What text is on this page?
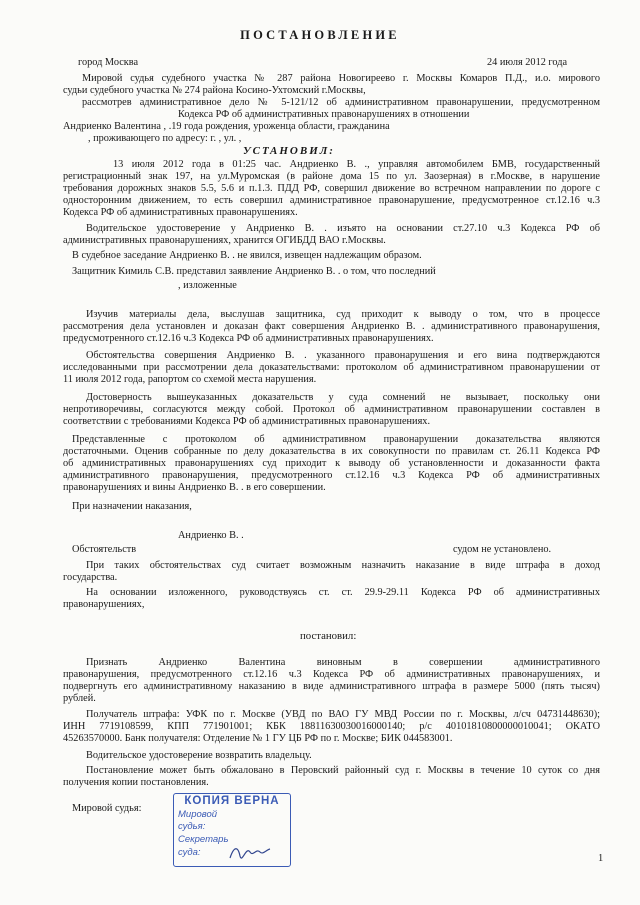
ПОСТАНОВЛЕНИЕ
город Москва	24 июля 2012 года
Мировой судья судебного участка № 287 района Новогиреево г. Москвы Комаров П.Д., и.о. мирового
судьи судебного участка № 274 района Косино-Ухтомский г.Москвы,
рассмотрев административное дело № 5-121/12 об административном правонарушении, предусмотренном
Кодекса РФ об административных правонарушениях в отношении
Андриенко Валентина , .19 года рождения, уроженца области, гражданина
, проживающего по адресу: г. , ул. ,
УСТАНОВИЛ:
13 июля 2012 года в 01:25 час. Андриенко В. ., управляя автомобилем БМВ, государственный
регистрационный знак 197, на ул.Муромская (в районе дома 15 по ул. Заозерная) в г.Москве, в нарушение
требования дорожных знаков 5.5, 5.6 и п.1.3. ПДД РФ, совершил движение во встречном направлении по дороге с
односторонним движением, то есть совершил административное правонарушение, предусмотренное ст.12.16 ч.3
Кодекса РФ об административных правонарушениях.
Водительское удостоверение у Андриенко В. . изъято на основании ст.27.10 ч.3 Кодекса РФ об
административных правонарушениях, хранится ОГИБДД ВАО г.Москвы.
В судебное заседание Андриенко В. . не явился, извещен надлежащим образом.
Защитник Кимиль С.В. представил заявление Андриенко В. . о том, что последний
, изложенные
Изучив материалы дела, выслушав защитника, суд приходит к выводу о том, что в процессе
рассмотрения дела установлен и доказан факт совершения Андриенко В. . административного правонарушения,
предусмотренного ст.12.16 ч.3 Кодекса РФ об административных правонарушениях.
Обстоятельства совершения Андриенко В. . указанного правонарушения и его вина подтверждаются
исследованными при рассмотрении дела доказательствами: протоколом об административном правонарушении от
11 июля 2012 года, рапортом со схемой места нарушения.
Достоверность вышеуказанных доказательств у суда сомнений не вызывает, поскольку они
непротиворечивы, согласуются между собой. Протокол об административном правонарушении составлен в
соответствии с требованиями Кодекса РФ об административных правонарушениях.
Представленные с протоколом об административном правонарушении доказательства являются
достаточными. Оценив собранные по делу доказательства в их совокупности по правилам ст. 26.11 Кодекса РФ
об административных правонарушениях суд приходит к выводу об установленности и доказанности факта
административного правонарушения, предусмотренного ст.12.16 ч.3 Кодекса РФ об административных
правонарушениях и вины Андриенко В. . в его совершении.
При назначении наказания,
Андриенко В. .
Обстоятельств	судом не установлено.
При таких обстоятельствах суд считает возможным назначить наказание в виде штрафа в доход
государства.
На основании изложенного, руководствуясь ст. ст. 29.9-29.11 Кодекса РФ об административных
правонарушениях,
постановил:
Признать Андриенко Валентина виновным в совершении административного
правонарушения, предусмотренного ст.12.16 ч.3 Кодекса РФ об административных правонарушениях, и
подвергнуть его административному наказанию в виде административного штрафа в размере 5000 (пять тысяч)
рублей.
Получатель штрафа: УФК по г. Москве (УВД по ВАО ГУ МВД России по г. Москвы, л/сч 04731448630);
ИНН 7719108599, КПП 771901001; КБК 18811630030016000140; р/с 40101810800000010041; ОКАТО
45263570000. Банк получателя: Отделение № 1 ГУ ЦБ РФ по г. Москве; БИК 044583001.
Водительское удостоверение возвратить владельцу.
Постановление может быть обжаловано в Перовский районный суд г. Москвы в течение 10 суток со дня
получения копии постановления.
Мировой судья:
КОПИЯ ВЕРНА
Мировой
судья:
Секретарь
суда:
1
